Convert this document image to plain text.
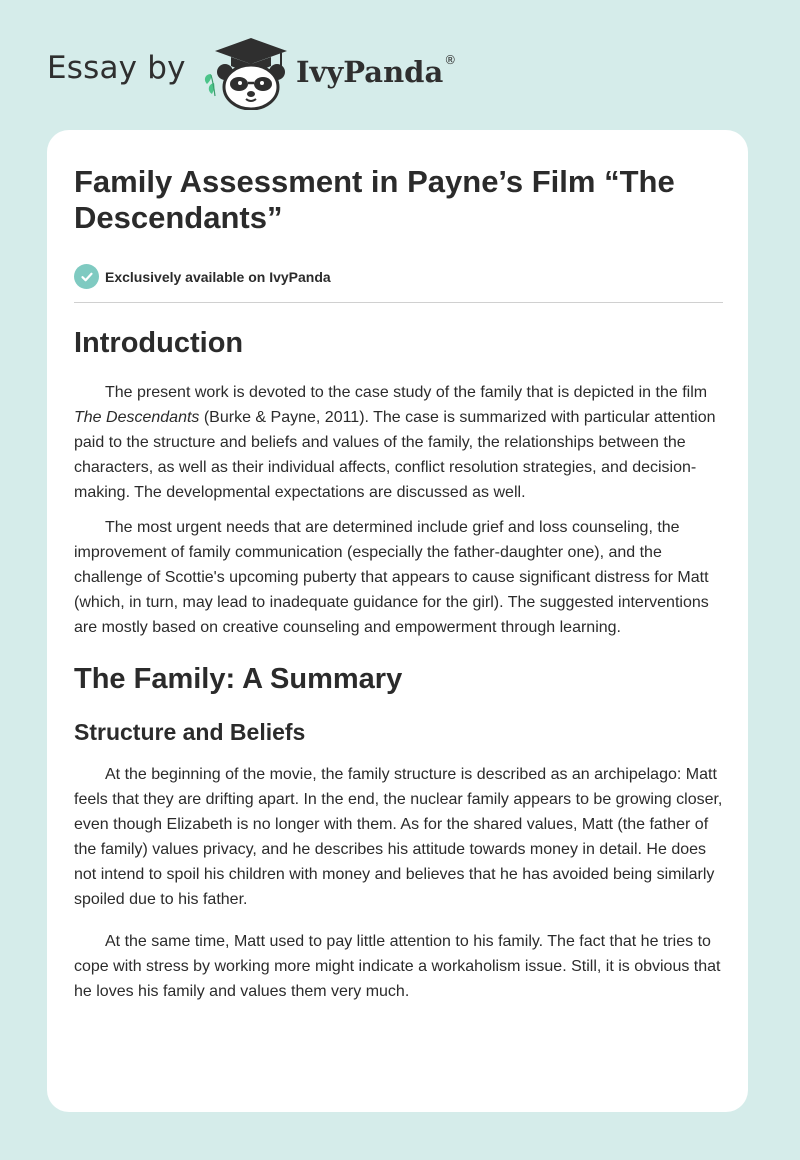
Essay by	IvyPanda®
Family Assessment in Payne’s Film “The Descendants”
Exclusively available on IvyPanda
Introduction

The present work is devoted to the case study of the family that is depicted in the film The Descendants (Burke & Payne, 2011). The case is summarized with particular attention paid to the structure and beliefs and values of the family, the relationships between the characters, as well as their individual affects, conflict resolution strategies, and decision-making. The developmental expectations are discussed as well.

The most urgent needs that are determined include grief and loss counseling, the improvement of family communication (especially the father-daughter one), and the challenge of Scottie's upcoming puberty that appears to cause significant distress for Matt (which, in turn, may lead to inadequate guidance for the girl). The suggested interventions are mostly based on creative counseling and empowerment through learning.

The Family: A Summary
Structure and Beliefs

At the beginning of the movie, the family structure is described as an archipelago: Matt feels that they are drifting apart. In the end, the nuclear family appears to be growing closer, even though Elizabeth is no longer with them. As for the shared values, Matt (the father of the family) values privacy, and he describes his attitude towards money in detail. He does not intend to spoil his children with money and believes that he has avoided being similarly spoiled due to his father.

At the same time, Matt used to pay little attention to his family. The fact that he tries to cope with stress by working more might indicate a workaholism issue. Still, it is obvious that he loves his family and values them very much.
